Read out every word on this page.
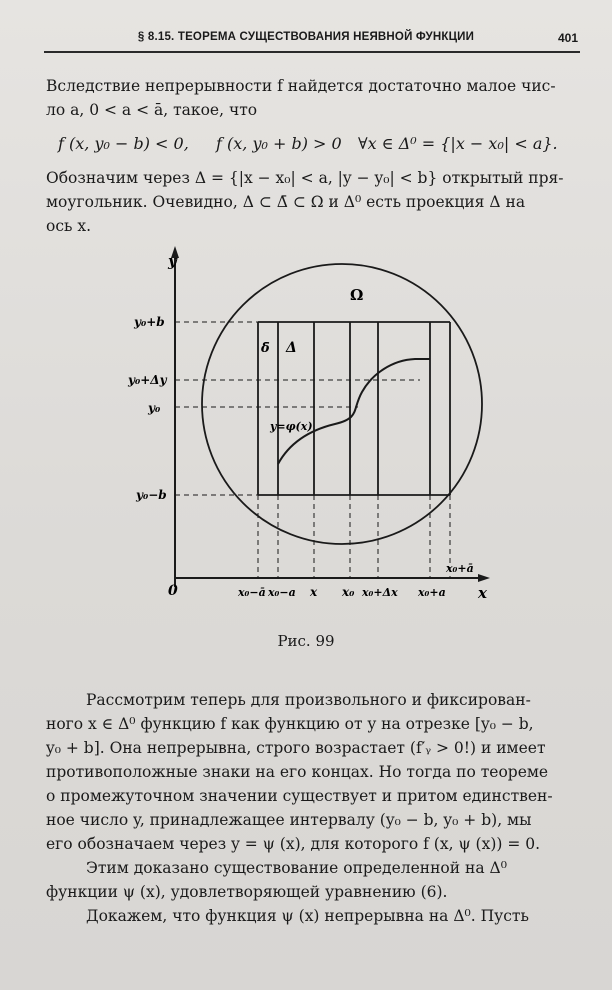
§ 8.15. ТЕОРЕМА СУЩЕСТВОВАНИЯ НЕЯВНОЙ ФУНКЦИИ	401
Вследствие непрерывности f найдется достаточно малое чис-
ло a, 0 < a < ā, такое, что
f (x, y₀ − b) < 0, f (x, y₀ + b) > 0 ∀x ∈ Δ⁰ = {|x − x₀| < a}.
Обозначим через Δ = {|x − x₀| < a, |y − y₀| < b} открытый пря-
моугольник. Очевидно, Δ ⊂ Δ̄ ⊂ Ω и Δ⁰ есть проекция Δ на
ось x.
y
x
0
Ω
δ̄ Δ
y=φ(x)
y₀+b
y₀+Δy
y₀
y₀−b
x₀−ā x₀−a x x₀ x₀+Δx x₀+a
x₀+ā
Рис. 99
Рассмотрим теперь для произвольного и фиксирован-
ного x ∈ Δ⁰ функцию f как функцию от y на отрезке [y₀ − b,
y₀ + b]. Она непрерывна, строго возрастает (f′ᵧ > 0!) и имеет
противоположные знаки на его концах. Но тогда по теореме
о промежуточном значении существует и притом единствен-
ное число y, принадлежащее интервалу (y₀ − b, y₀ + b), мы
его обозначаем через y = ψ (x), для которого f (x, ψ (x)) = 0.
Этим доказано существование определенной на Δ⁰
функции ψ (x), удовлетворяющей уравнению (6).
Докажем, что функция ψ (x) непрерывна на Δ⁰. Пусть
